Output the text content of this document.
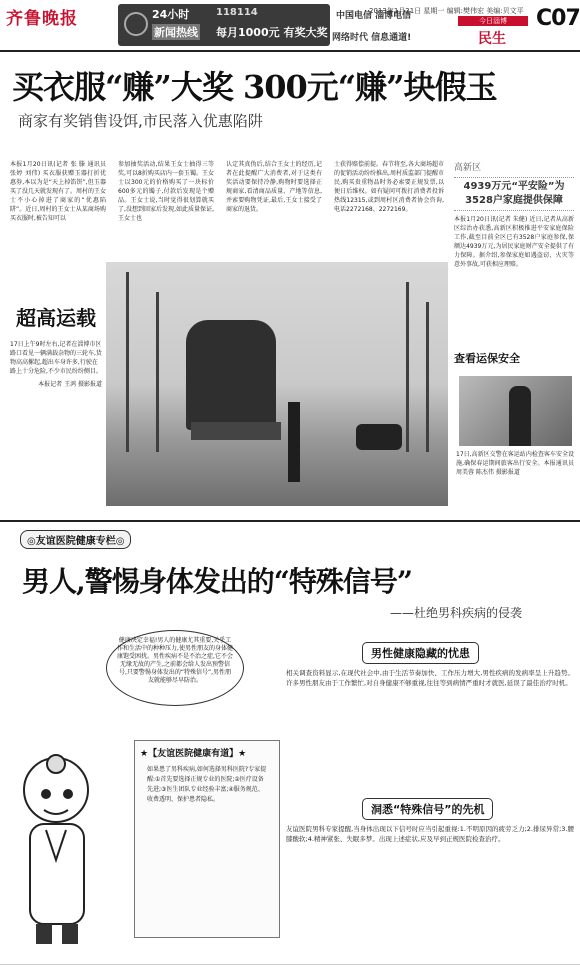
齐鲁晚报	24小时
新闻热线
118114
每月1000元 有奖大奖
中国电信 淄博电信
网络时代 信息通道!
2013年1月21日 星期一 编辑:樊伟宏 美编:贝文平
今日淄博
民生
C07
买衣服“赚”大奖 300元“赚”块假玉
商家有奖销售设饵,市民落入优惠陷阱
本报1月20日讯(记者 张 滕 通讯员 张婷 刘伟) 买衣服获赠玉器打折优惠券,本以为是“天上掉馅饼”,但玉器买了没几天就发现有了。周村的王女士不小心掉进了商家的“优惠陷阱”。近日,周村的王女士从某商场购买衣服时,被告知可以
参加抽奖活动,结果王女士抽得三等奖,可以8折购买店内一套玉镯。王女士以300元的价格购买了一块标价600多元的镯子,付款后发现是个赠品。王女士说,当时觉得很划算就买了,没想到回家后发现,如此质量保证,王女士也
认定其真伪后,结合王女士的经历,记者在此提醒广大消费者,对于这类有奖活动要保持冷静,购物时要选择正规商家,看清商品质量、产地等信息,并索要购物凭证,最后,王女士接受了商家的退货。
士获得赔偿前提。春节将至,各大商场超市的促销活动纷纷推出,周村质监部门提醒市民,购买贵重物品时务必索要正规发票,以便日后维权。如有疑问可拨打消费者投诉热线12315,或到周村区消费者协会咨询,电话2272168、2272169。
超高运载
17日上午9时左右,记者在淄博市区路口看见一辆满载杂物的三轮车,货物高高摞起,超出车身许多,行驶在路上十分危险,不少市民纷纷侧目。
本报记者 王鸿 摄影报道
高新区
4939万元“平安险”为3528户家庭提供保障
本报1月20日讯(记者 朱健) 近日,记者从高新区综治办获悉,高新区积极推进平安家庭保险工作,截至目前全区已有3528户家庭参保,保额达4939万元,为居民家庭财产安全提供了有力保障。据介绍,参保家庭如遇盗窃、火灾等意外事故,可获相应理赔。
查看运保安全
17日,高新区交警在客运站内检查客车安全设施,确保春运期间旅客出行安全。本报通讯员 周美蓉 陈杰伟 摄影报道
◎友谊医院健康专栏◎
男人,警惕身体发出的“特殊信号”
——杜绝男科疾病的侵袭
健康决定幸福!男人的健康尤其重要,关乎工作和生活中的种种压力,使男性朋友的身体健康饱受困扰。男性疾病不是不治之症,它不会无缘无故的产生,之前都会给人发出预警信号,只要警惕身体发出的“特殊信号”,男性朋友就能够尽早防治。
男性健康隐藏的忧患
相关调查资料显示,在现代社会中,由于生活节奏加快、工作压力增大,男性疾病的发病率呈上升趋势。许多男性朋友由于工作繁忙,对自身健康不够重视,往往等到病情严重时才就医,延误了最佳治疗时机。
洞悉“特殊信号”的先机
友谊医院男科专家提醒,当身体出现以下信号时应当引起重视:1.不明原因的疲劳乏力;2.排尿异常;3.腰膝酸软;4.精神紧张、失眠多梦。出现上述症状,应及早到正规医院检查治疗。
如果患了男科疾病,如何选择男科医院?专家提醒:①首先要选择正规专业的医院;②医疗设备先进;③医生团队专业经验丰富;④服务规范、收费透明、保护患者隐私。
★【友谊医院健康有道】★
